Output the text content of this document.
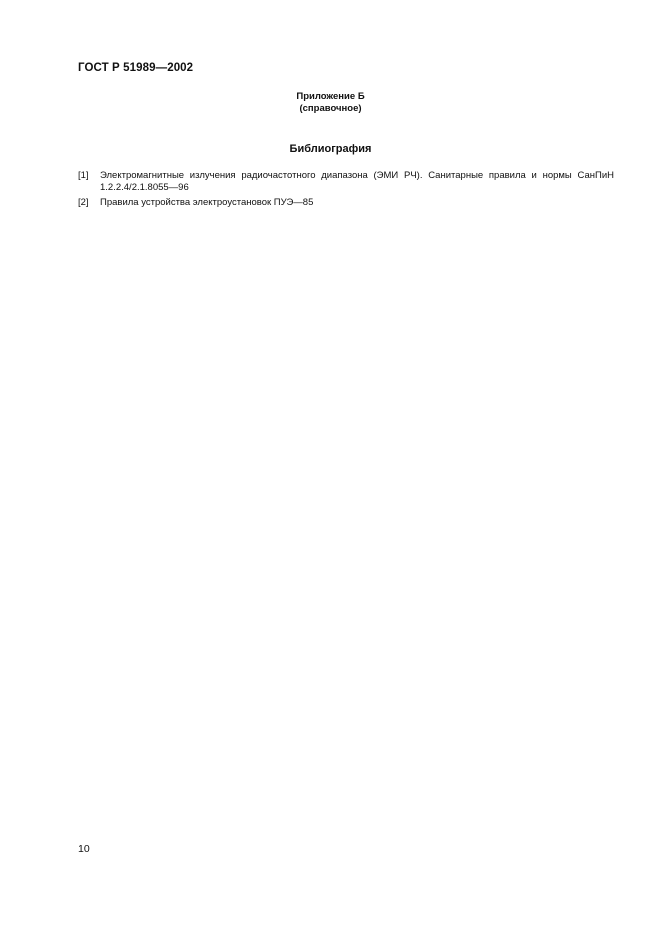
ГОСТ Р 51989—2002
Приложение Б
(справочное)
Библиография
[1]	Электромагнитные излучения радиочастотного диапазона (ЭМИ РЧ). Санитарные правила и нормы СанПиН 1.2.2.4/2.1.8055—96
[2]	Правила устройства электроустановок ПУЭ—85
10
